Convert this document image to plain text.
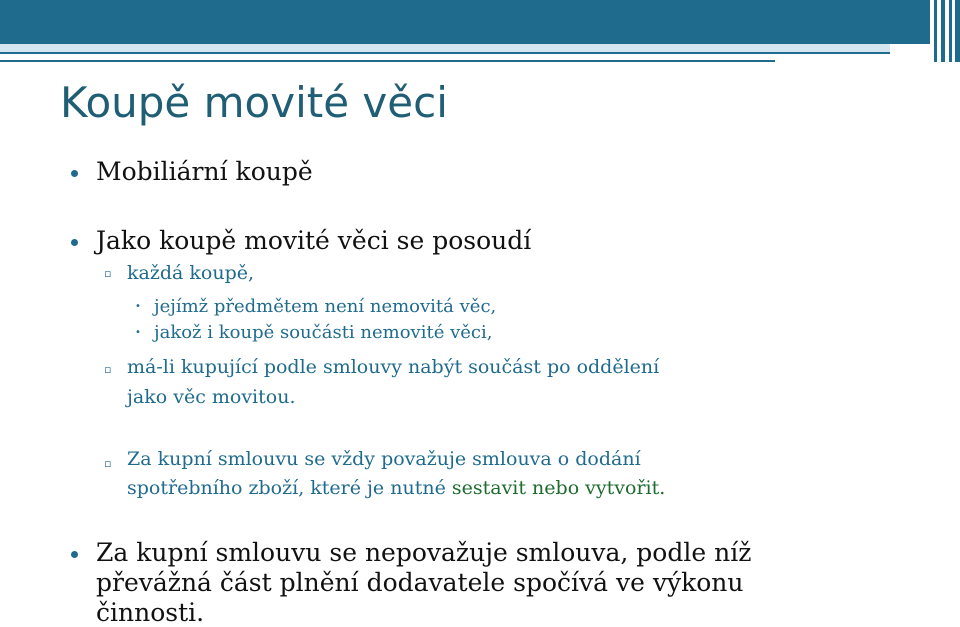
Koupě movité věci
Mobiliární koupě
Jako koupě movité věci se posoudí
▫ každá koupě,
• jejímž předmětem není nemovitá věc,
• jakož i koupě součásti nemovité věci,
▫ má-li kupující podle smlouvy nabýt součást po oddělení
jako věc movitou.
▫ Za kupní smlouvu se vždy považuje smlouva o dodání
spotřebního zboží, které je nutné sestavit nebo vytvořit.
Za kupní smlouvu se nepovažuje smlouva, podle níž
převážná část plnění dodavatele spočívá ve výkonu
činnosti.
